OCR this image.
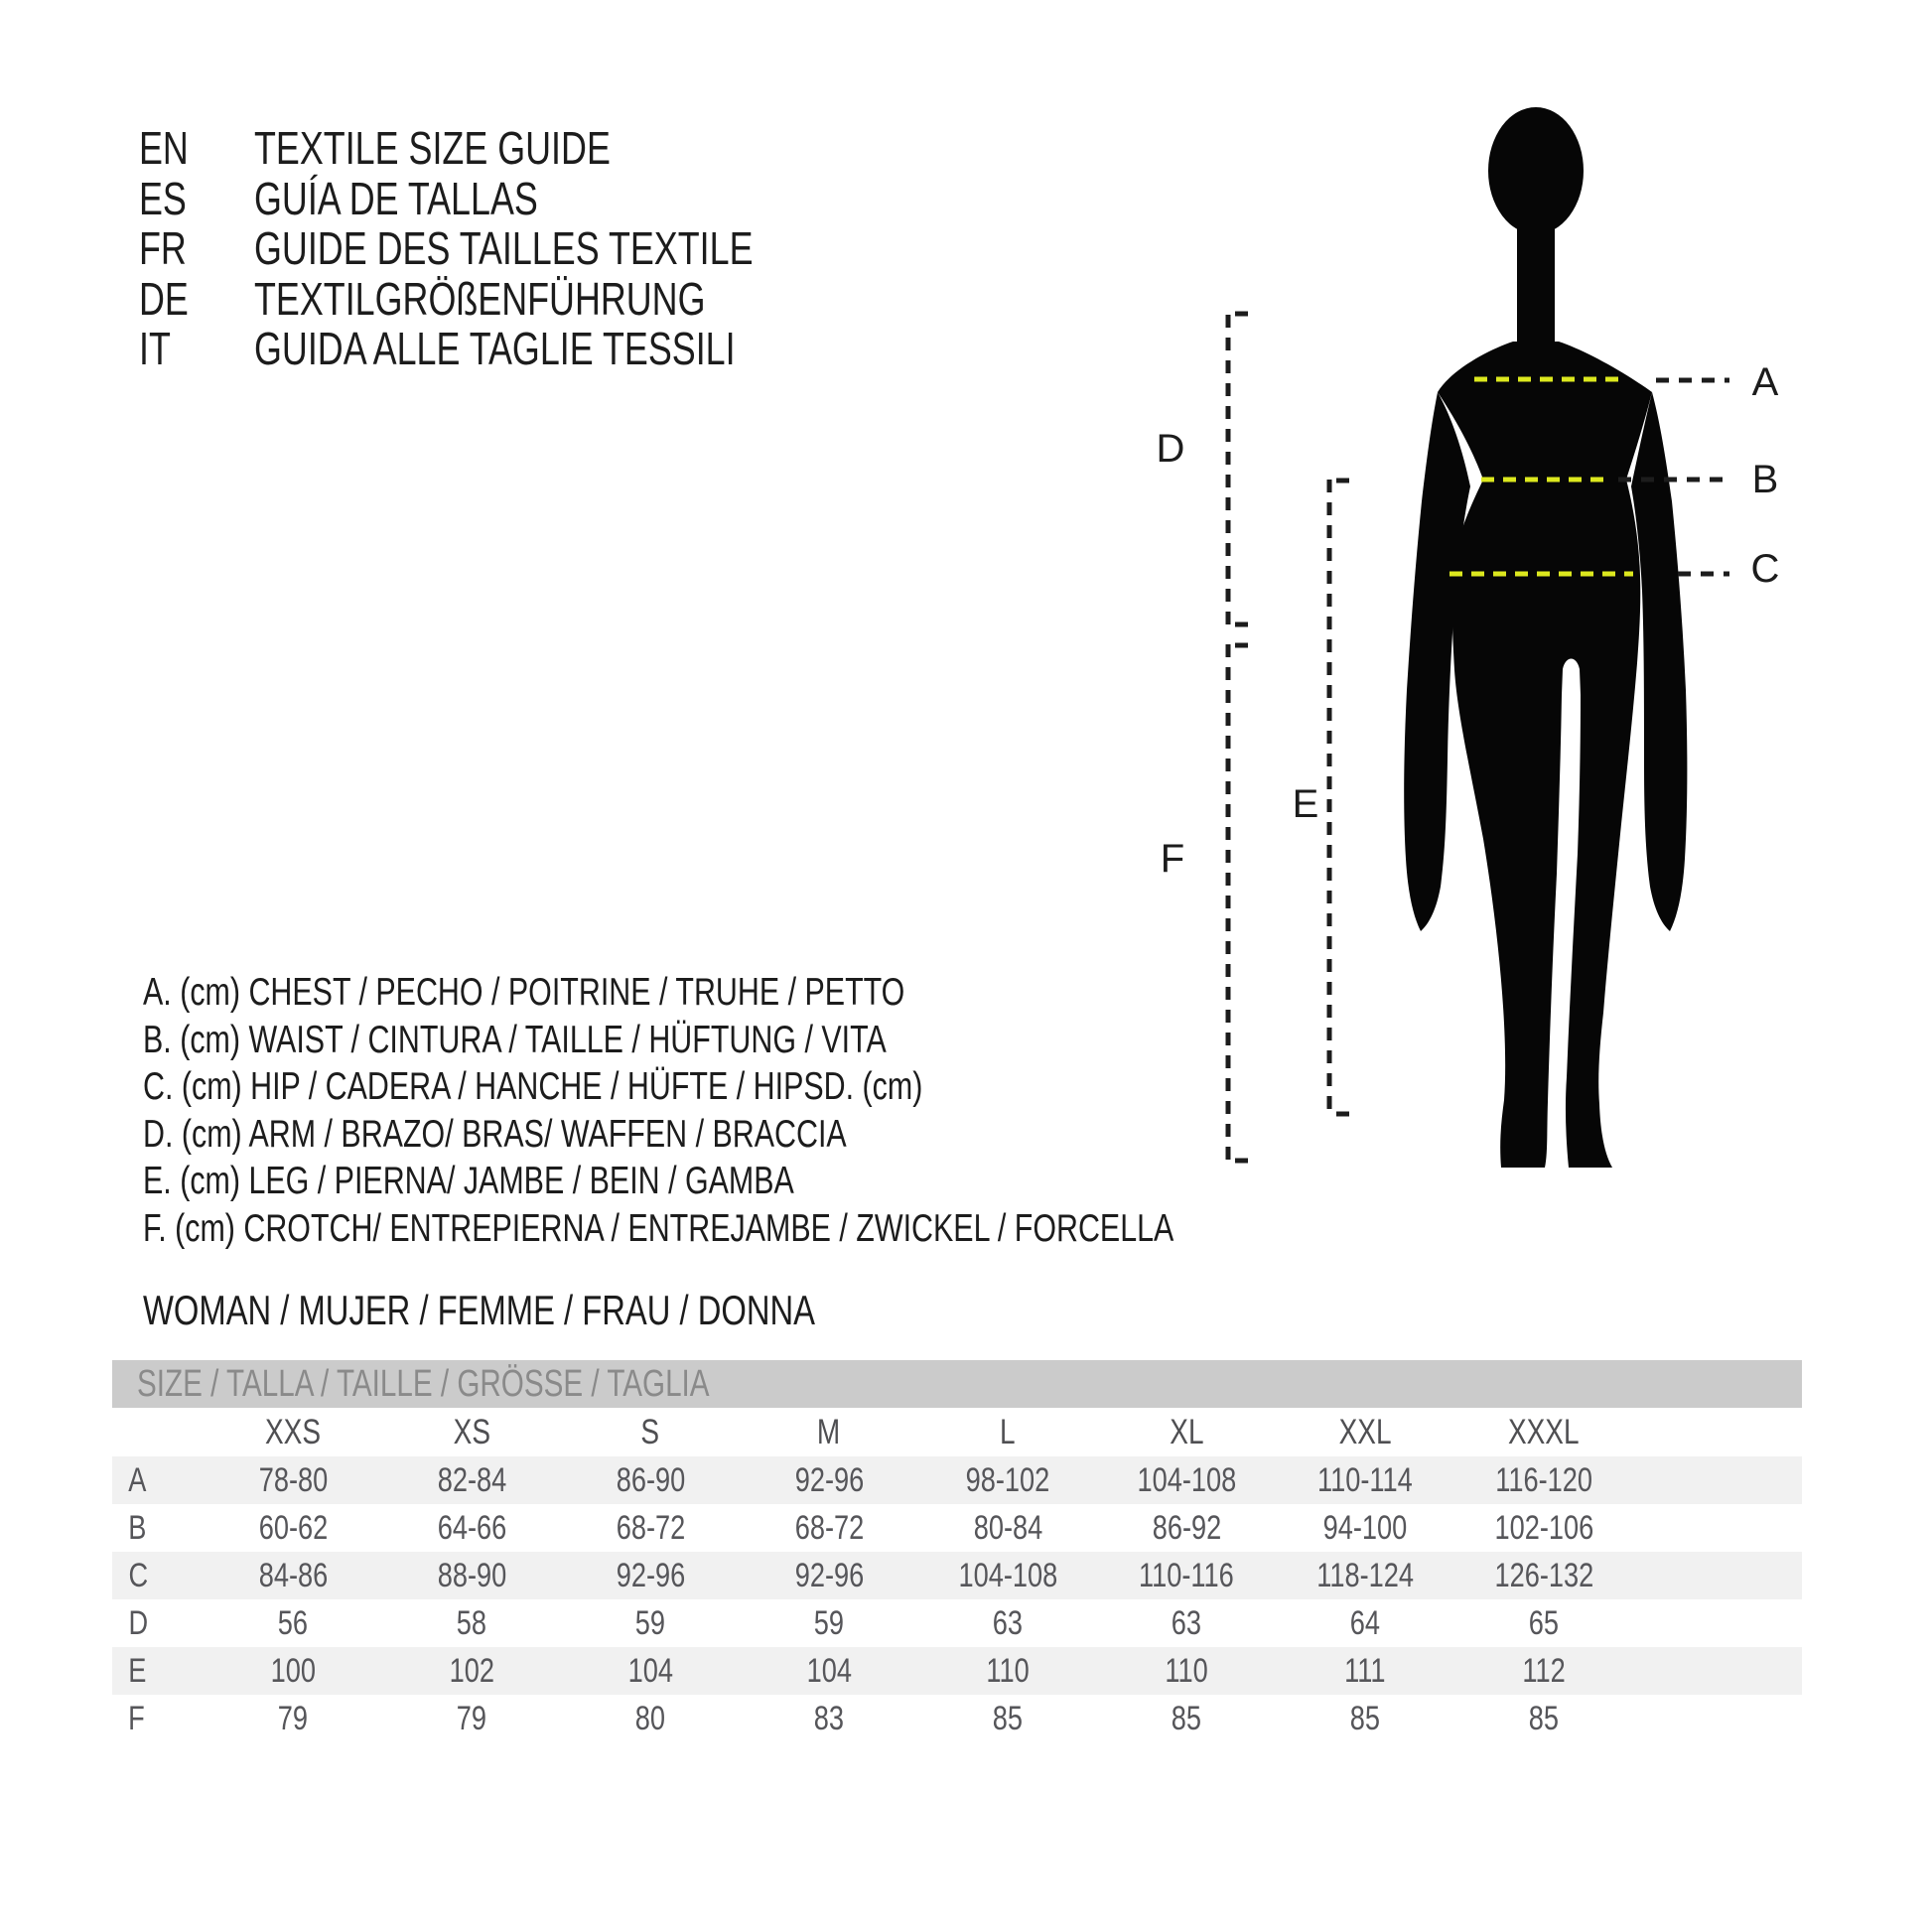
EN	TEXTILE SIZE GUIDE
ES GUÍA DE TALLAS
FR GUIDE DES TAILLES TEXTILE
DE	TEXTILGRÖßENFÜHRUNG
IT GUIDA ALLE TAGLIE TESSILI
A
B
C
D
E
F
A. (cm) CHEST / PECHO / POITRINE / TRUHE / PETTO
B. (cm) WAIST / CINTURA / TAILLE / HÜFTUNG / VITA
C. (cm) HIP / CADERA / HANCHE / HÜFTE / HIPSD. (cm)
D. (cm) ARM / BRAZO/ BRAS/ WAFFEN / BRACCIA
E. (cm) LEG / PIERNA/ JAMBE / BEIN / GAMBA
F. (cm) CROTCH/ ENTREPIERNA / ENTREJAMBE / ZWICKEL / FORCELLA
WOMAN / MUJER / FEMME / FRAU / DONNA
SIZE / TALLA / TAILLE / GRÖSSE / TAGLIA
XXS	XS	S	M	L	XL	XXL	XXXL
A	78-80	82-84	86-90	92-96	98-102	104-108	110-114	116-120
B	60-62	64-66	68-72	68-72	80-84	86-92	94-100	102-106
C	84-86	88-90	92-96	92-96	104-108	110-116	118-124	126-132
D	56	58	59	59	63	63	64	65
E	100	102	104	104	110	110	111	112
F	79	79	80	83	85	85	85	85
